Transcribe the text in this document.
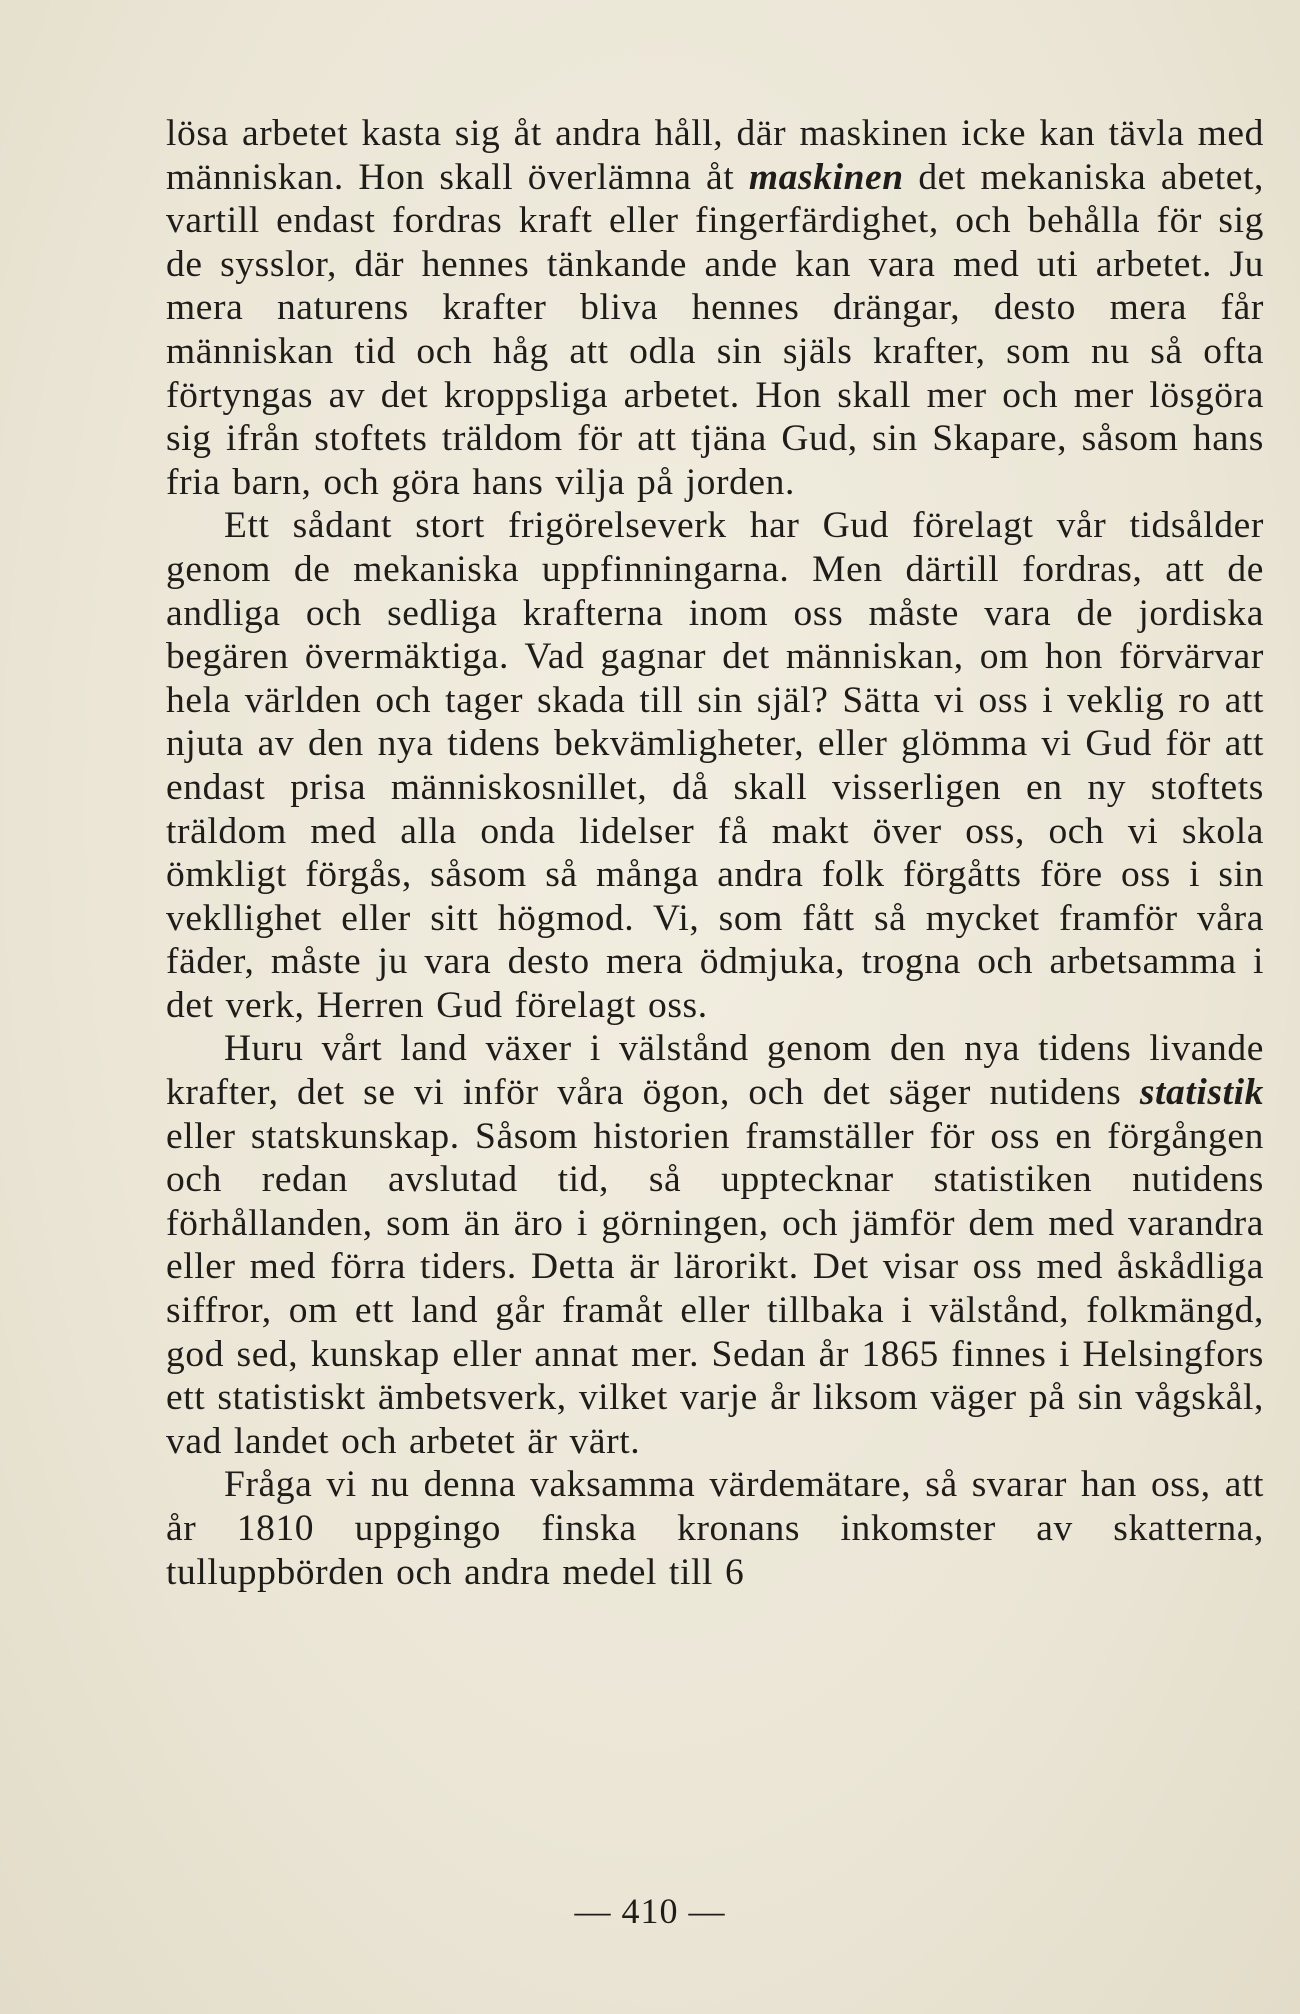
lösa arbetet kasta sig åt andra håll, där maskinen icke kan tävla med människan. Hon skall överlämna åt maskinen det mekaniska abetet, vartill endast fordras kraft eller fingerfärdighet, och behålla för sig de sysslor, där hennes tänkande ande kan vara med uti arbetet. Ju mera naturens krafter bliva hennes drängar, desto mera får människan tid och håg att odla sin själs krafter, som nu så ofta förtyngas av det kroppsliga arbetet. Hon skall mer och mer lösgöra sig ifrån stoftets träldom för att tjäna Gud, sin Skapare, såsom hans fria barn, och göra hans vilja på jorden.

Ett sådant stort frigörelseverk har Gud förelagt vår tidsålder genom de mekaniska uppfinningarna. Men därtill fordras, att de andliga och sedliga krafterna inom oss måste vara de jordiska begären övermäktiga. Vad gagnar det människan, om hon förvärvar hela världen och tager skada till sin själ? Sätta vi oss i veklig ro att njuta av den nya tidens bekvämligheter, eller glömma vi Gud för att endast prisa människosnillet, då skall visserligen en ny stoftets träldom med alla onda lidelser få makt över oss, och vi skola ömkligt förgås, såsom så många andra folk förgåtts före oss i sin vekllighet eller sitt högmod. Vi, som fått så mycket framför våra fäder, måste ju vara desto mera ödmjuka, trogna och arbetsamma i det verk, Herren Gud förelagt oss.

Huru vårt land växer i välstånd genom den nya tidens livande krafter, det se vi inför våra ögon, och det säger nutidens statistik eller statskunskap. Såsom historien framställer för oss en förgången och redan avslutad tid, så upptecknar statistiken nutidens förhållanden, som än äro i görningen, och jämför dem med varandra eller med förra tiders. Detta är lärorikt. Det visar oss med åskådliga siffror, om ett land går framåt eller tillbaka i välstånd, folkmängd, god sed, kunskap eller annat mer. Sedan år 1865 finnes i Helsingfors ett statistiskt ämbetsverk, vilket varje år liksom väger på sin vågskål, vad landet och arbetet är värt.

Fråga vi nu denna vaksamma värdemätare, så svarar han oss, att år 1810 uppgingo finska kronans inkomster av skatterna, tulluppbörden och andra medel till 6

— 410 —
